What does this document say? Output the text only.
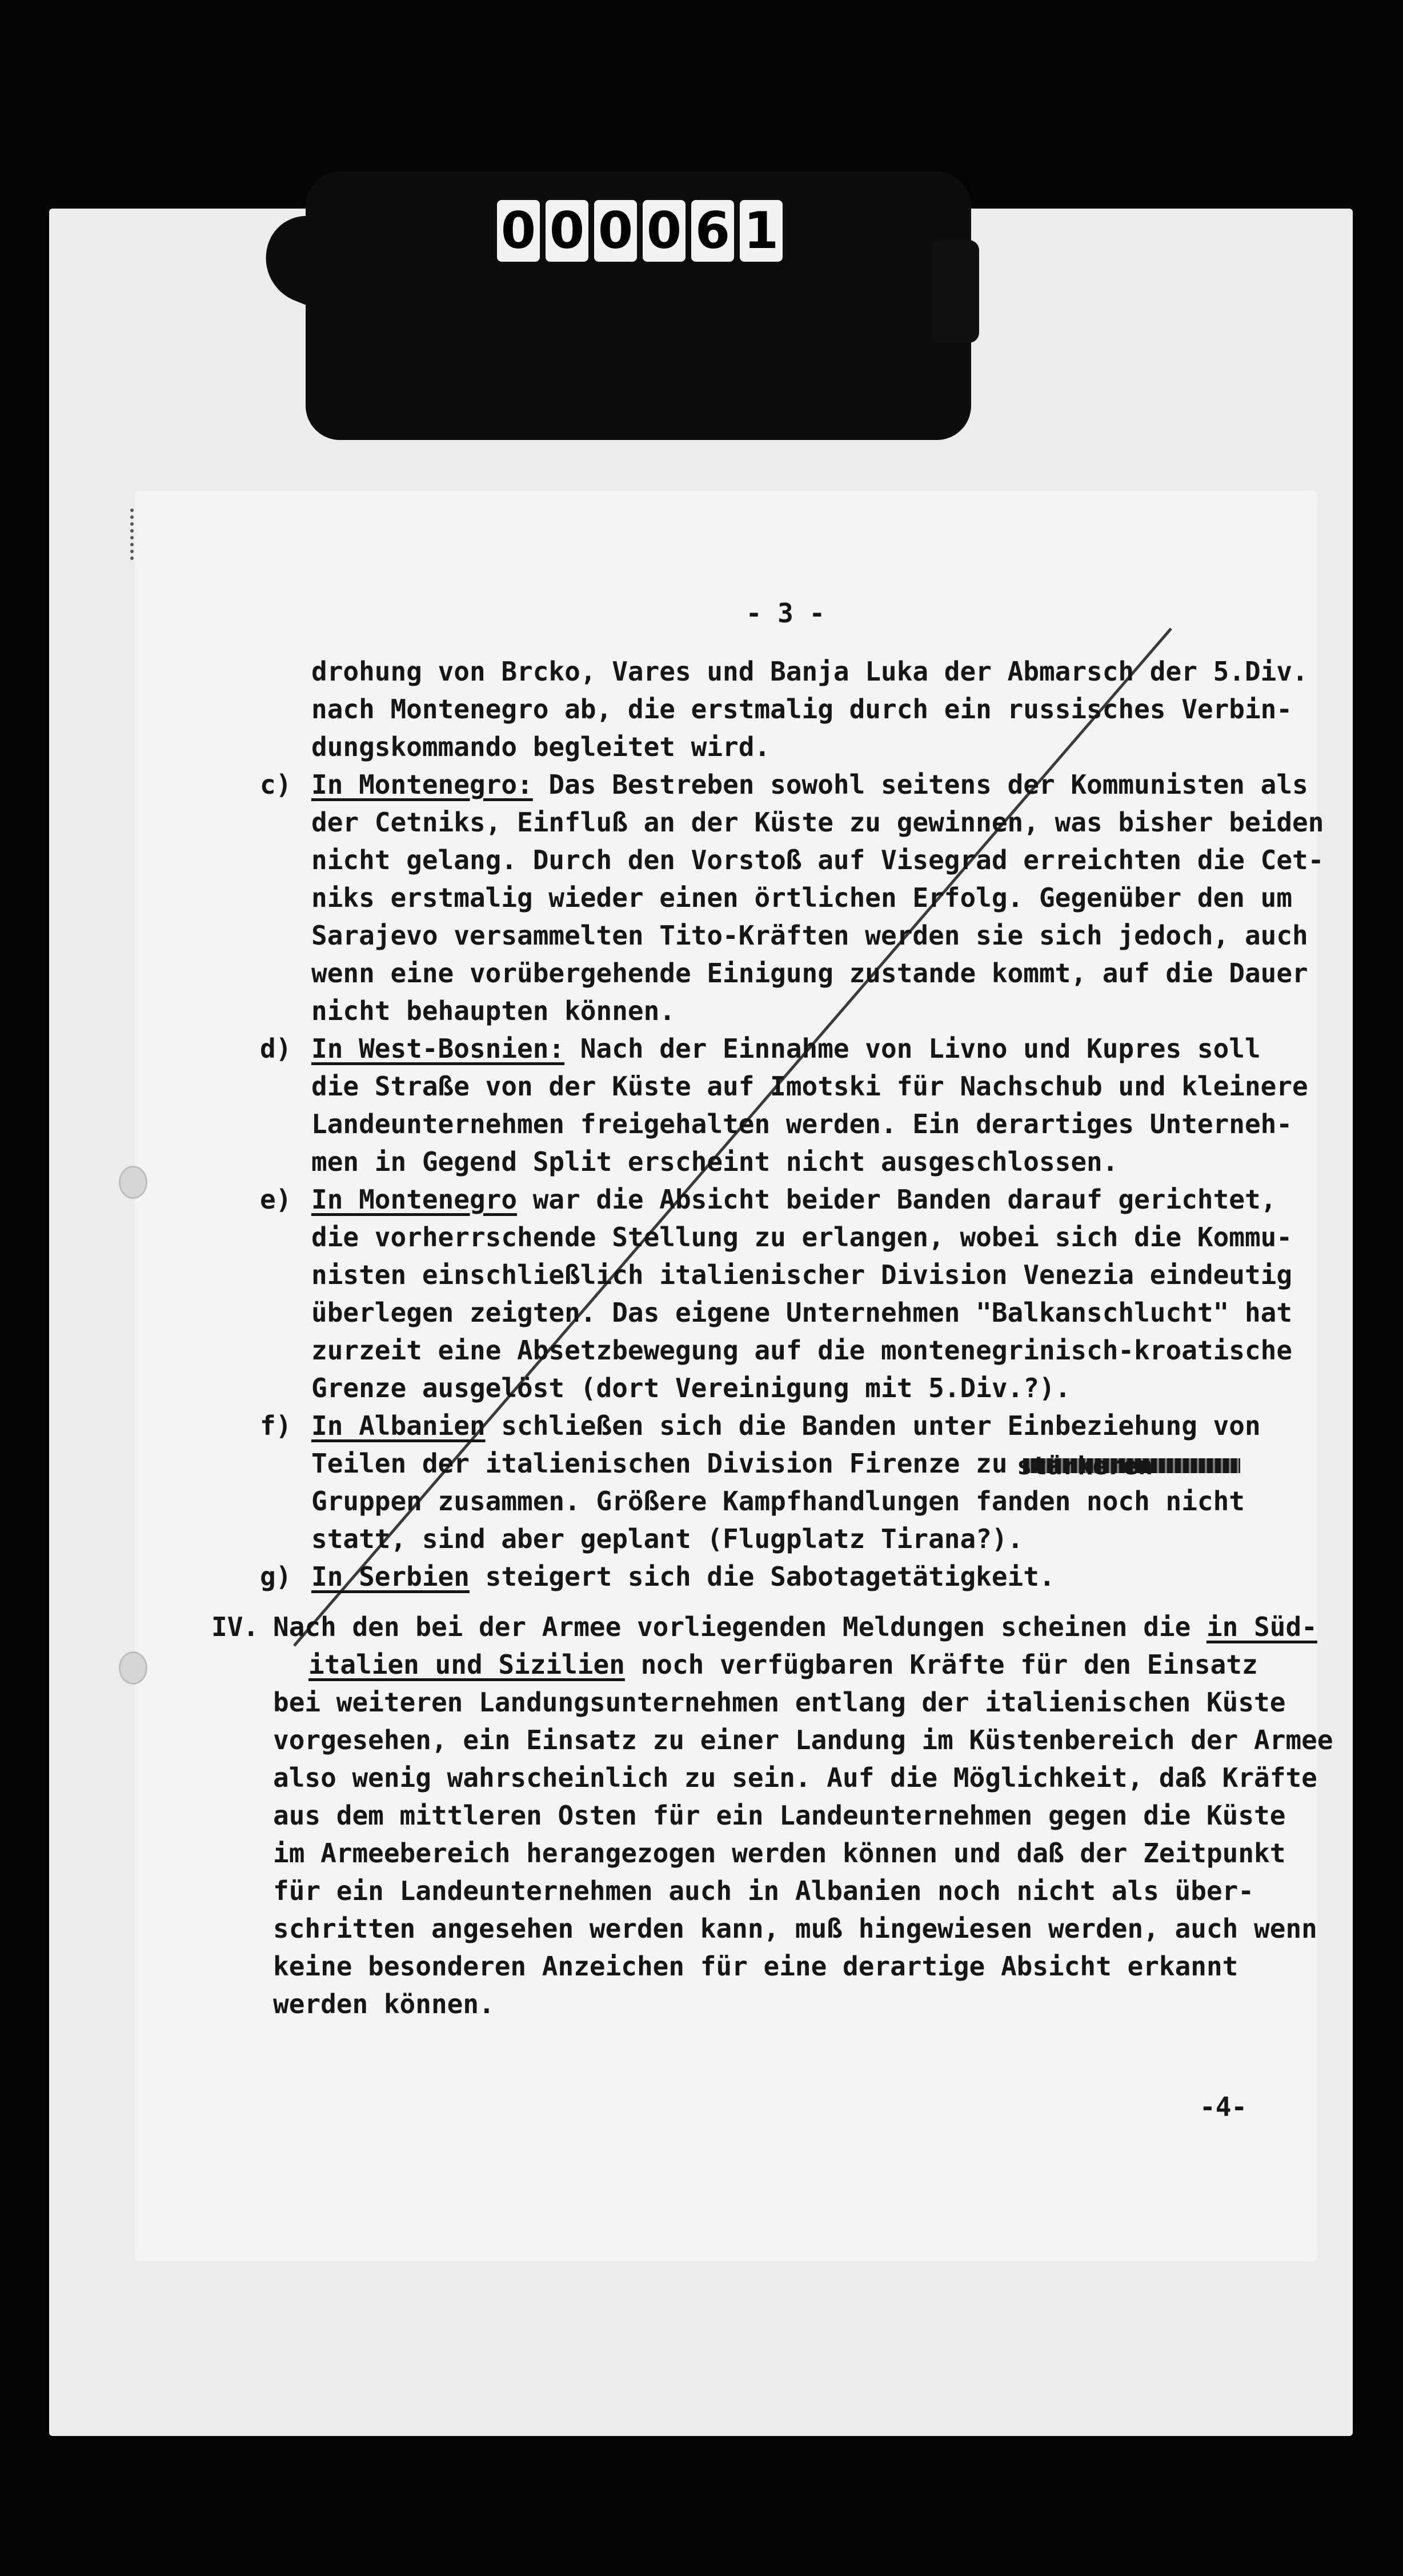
0 0 0 0 6 1
- 3 -
drohung von Brcko, Vares und Banja Luka der Abmarsch der 5.Div.
nach Montenegro ab, die erstmalig durch ein russisches Verbin-
dungskommando begleitet wird.
c) In Montenegro: Das Bestreben sowohl seitens der Kommunisten als
der Cetniks, Einfluß an der Küste zu gewinnen, was bisher beiden
nicht gelang. Durch den Vorstoß auf Visegrad erreichten die Cet-
niks erstmalig wieder einen örtlichen Erfolg. Gegenüber den um
Sarajevo versammelten Tito-Kräften werden sie sich jedoch, auch
wenn eine vorübergehende Einigung zustande kommt, auf die Dauer
nicht behaupten können.
d) In West-Bosnien: Nach der Einnahme von Livno und Kupres soll
die Straße von der Küste auf Imotski für Nachschub und kleinere
Landeunternehmen freigehalten werden. Ein derartiges Unterneh-
men in Gegend Split erscheint nicht ausgeschlossen.
e) In Montenegro war die Absicht beider Banden darauf gerichtet,
die vorherrschende Stellung zu erlangen, wobei sich die Kommu-
nisten einschließlich italienischer Division Venezia eindeutig
überlegen zeigten. Das eigene Unternehmen "Balkanschlucht" hat
zurzeit eine Absetzbewegung auf die montenegrinisch-kroatische
Grenze ausgelöst (dort Vereinigung mit 5.Div.?).
f) In Albanien schließen sich die Banden unter Einbeziehung von
Teilen der italienischen Division Firenze zu
Gruppen zusammen. Größere Kampfhandlungen fanden noch nicht
statt, sind aber geplant (Flugplatz Tirana?).
g) In Serbien steigert sich die Sabotagetätigkeit.
IV. Nach den bei der Armee vorliegenden Meldungen scheinen die in Süd-
italien und Sizilien noch verfügbaren Kräfte für den Einsatz
bei weiteren Landungsunternehmen entlang der italienischen Küste
vorgesehen, ein Einsatz zu einer Landung im Küstenbereich der Armee
also wenig wahrscheinlich zu sein. Auf die Möglichkeit, daß Kräfte
aus dem mittleren Osten für ein Landeunternehmen gegen die Küste
im Armeebereich herangezogen werden können und daß der Zeitpunkt
für ein Landeunternehmen auch in Albanien noch nicht als über-
schritten angesehen werden kann, muß hingewiesen werden, auch wenn
keine besonderen Anzeichen für eine derartige Absicht erkannt
werden können.
stärkeren
-4-
